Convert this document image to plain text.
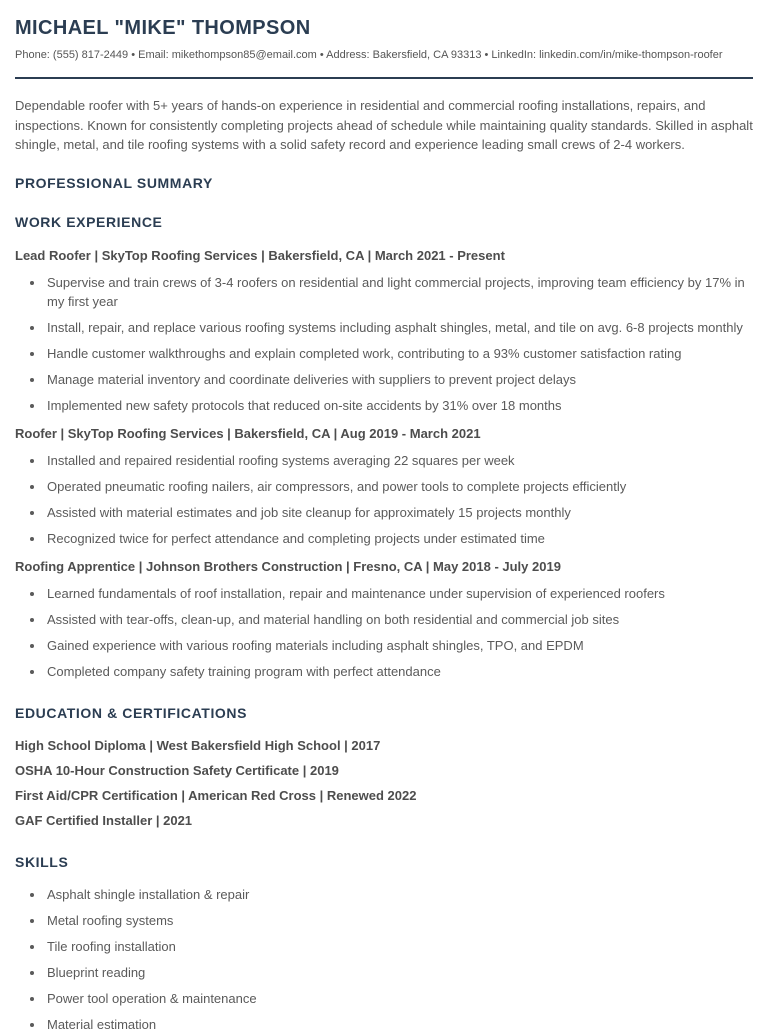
MICHAEL "MIKE" THOMPSON

Phone: (555) 817-2449 • Email: mikethompson85@email.com • Address: Bakersfield, CA 93313 • LinkedIn: linkedin.com/in/mike-thompson-roofer

Dependable roofer with 5+ years of hands-on experience in residential and commercial roofing installations, repairs, and inspections. Known for consistently completing projects ahead of schedule while maintaining quality standards. Skilled in asphalt shingle, metal, and tile roofing systems with a solid safety record and experience leading small crews of 2-4 workers.

PROFESSIONAL SUMMARY
WORK EXPERIENCE

Lead Roofer | SkyTop Roofing Services | Bakersfield, CA | March 2021 - Present

• Supervise and train crews of 3-4 roofers on residential and light commercial projects, improving team efficiency by 17% in my first year
• Install, repair, and replace various roofing systems including asphalt shingles, metal, and tile on avg. 6-8 projects monthly
• Handle customer walkthroughs and explain completed work, contributing to a 93% customer satisfaction rating
• Manage material inventory and coordinate deliveries with suppliers to prevent project delays
• Implemented new safety protocols that reduced on-site accidents by 31% over 18 months

Roofer | SkyTop Roofing Services | Bakersfield, CA | Aug 2019 - March 2021

• Installed and repaired residential roofing systems averaging 22 squares per week
• Operated pneumatic roofing nailers, air compressors, and power tools to complete projects efficiently
• Assisted with material estimates and job site cleanup for approximately 15 projects monthly
• Recognized twice for perfect attendance and completing projects under estimated time

Roofing Apprentice | Johnson Brothers Construction | Fresno, CA | May 2018 - July 2019

• Learned fundamentals of roof installation, repair and maintenance under supervision of experienced roofers
• Assisted with tear-offs, clean-up, and material handling on both residential and commercial job sites
• Gained experience with various roofing materials including asphalt shingles, TPO, and EPDM
• Completed company safety training program with perfect attendance
EDUCATION & CERTIFICATIONS

High School Diploma | West Bakersfield High School | 2017

OSHA 10-Hour Construction Safety Certificate | 2019

First Aid/CPR Certification | American Red Cross | Renewed 2022

GAF Certified Installer | 2021

SKILLS
• Asphalt shingle installation & repair
• Metal roofing systems
• Tile roofing installation
• Blueprint reading
• Power tool operation & maintenance
• Material estimation
